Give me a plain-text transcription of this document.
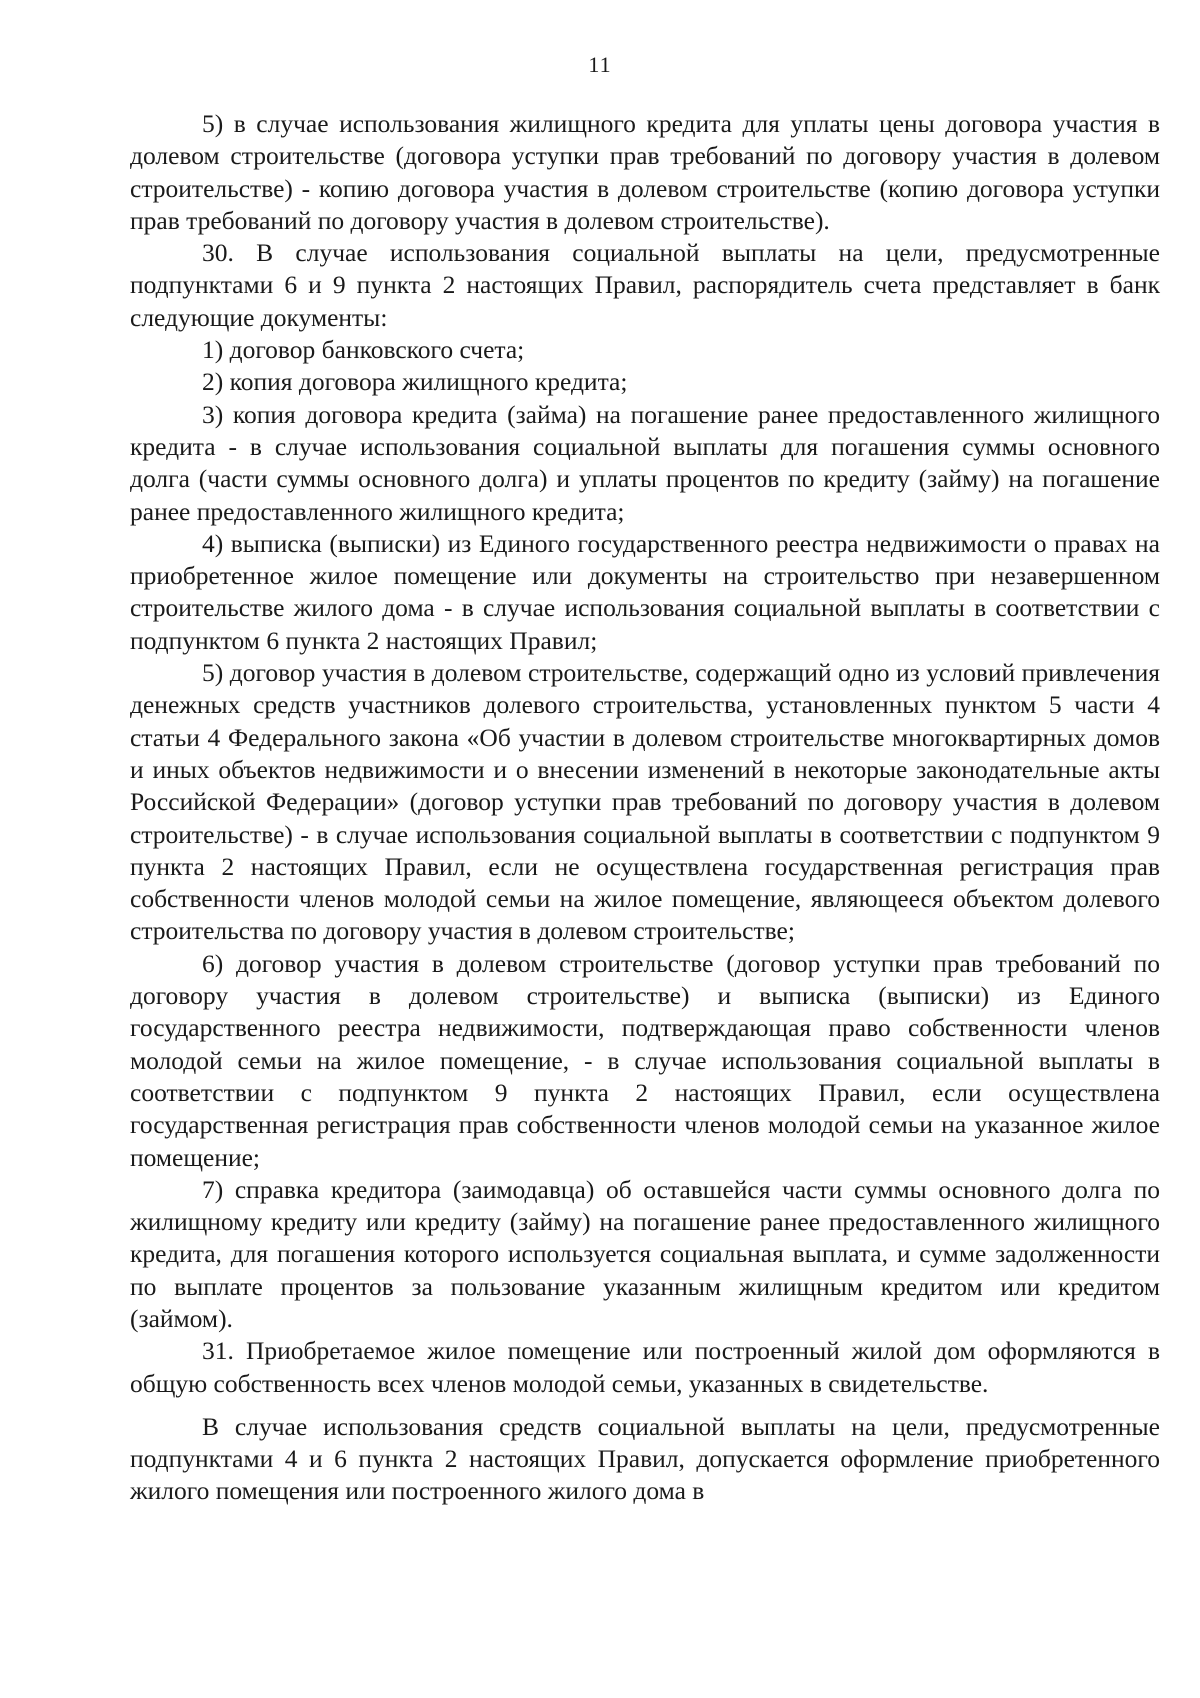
11

5) в случае использования жилищного кредита для уплаты цены договора участия в долевом строительстве (договора уступки прав требований по договору участия в долевом строительстве) - копию договора участия в долевом строительстве (копию договора уступки прав требований по договору участия в долевом строительстве).

30. В случае использования социальной выплаты на цели, предусмотренные подпунктами 6 и 9 пункта 2 настоящих Правил, распорядитель счета представляет в банк следующие документы:

1) договор банковского счета;

2) копия договора жилищного кредита;

3) копия договора кредита (займа) на погашение ранее предоставленного жилищного кредита - в случае использования социальной выплаты для погашения суммы основного долга (части суммы основного долга) и уплаты процентов по кредиту (займу) на погашение ранее предоставленного жилищного кредита;

4) выписка (выписки) из Единого государственного реестра недвижимости о правах на приобретенное жилое помещение или документы на строительство при незавершенном строительстве жилого дома - в случае использования социальной выплаты в соответствии с подпунктом 6 пункта 2 настоящих Правил;

5) договор участия в долевом строительстве, содержащий одно из условий привлечения денежных средств участников долевого строительства, установленных пунктом 5 части 4 статьи 4 Федерального закона «Об участии в долевом строительстве многоквартирных домов и иных объектов недвижимости и о внесении изменений в некоторые законодательные акты Российской Федерации» (договор уступки прав требований по договору участия в долевом строительстве) - в случае использования социальной выплаты в соответствии с подпунктом 9 пункта 2 настоящих Правил, если не осуществлена государственная регистрация прав собственности членов молодой семьи на жилое помещение, являющееся объектом долевого строительства по договору участия в долевом строительстве;

6) договор участия в долевом строительстве (договор уступки прав требований по договору участия в долевом строительстве) и выписка (выписки) из Единого государственного реестра недвижимости, подтверждающая право собственности членов молодой семьи на жилое помещение, - в случае использования социальной выплаты в соответствии с подпунктом 9 пункта 2 настоящих Правил, если осуществлена государственная регистрация прав собственности членов молодой семьи на указанное жилое помещение;

7) справка кредитора (заимодавца) об оставшейся части суммы основного долга по жилищному кредиту или кредиту (займу) на погашение ранее предоставленного жилищного кредита, для погашения которого используется социальная выплата, и сумме задолженности по выплате процентов за пользование указанным жилищным кредитом или кредитом (займом).

31. Приобретаемое жилое помещение или построенный жилой дом оформляются в общую собственность всех членов молодой семьи, указанных в свидетельстве.

В случае использования средств социальной выплаты на цели, предусмотренные подпунктами 4 и 6 пункта 2 настоящих Правил, допускается оформление приобретенного жилого помещения или построенного жилого дома в
